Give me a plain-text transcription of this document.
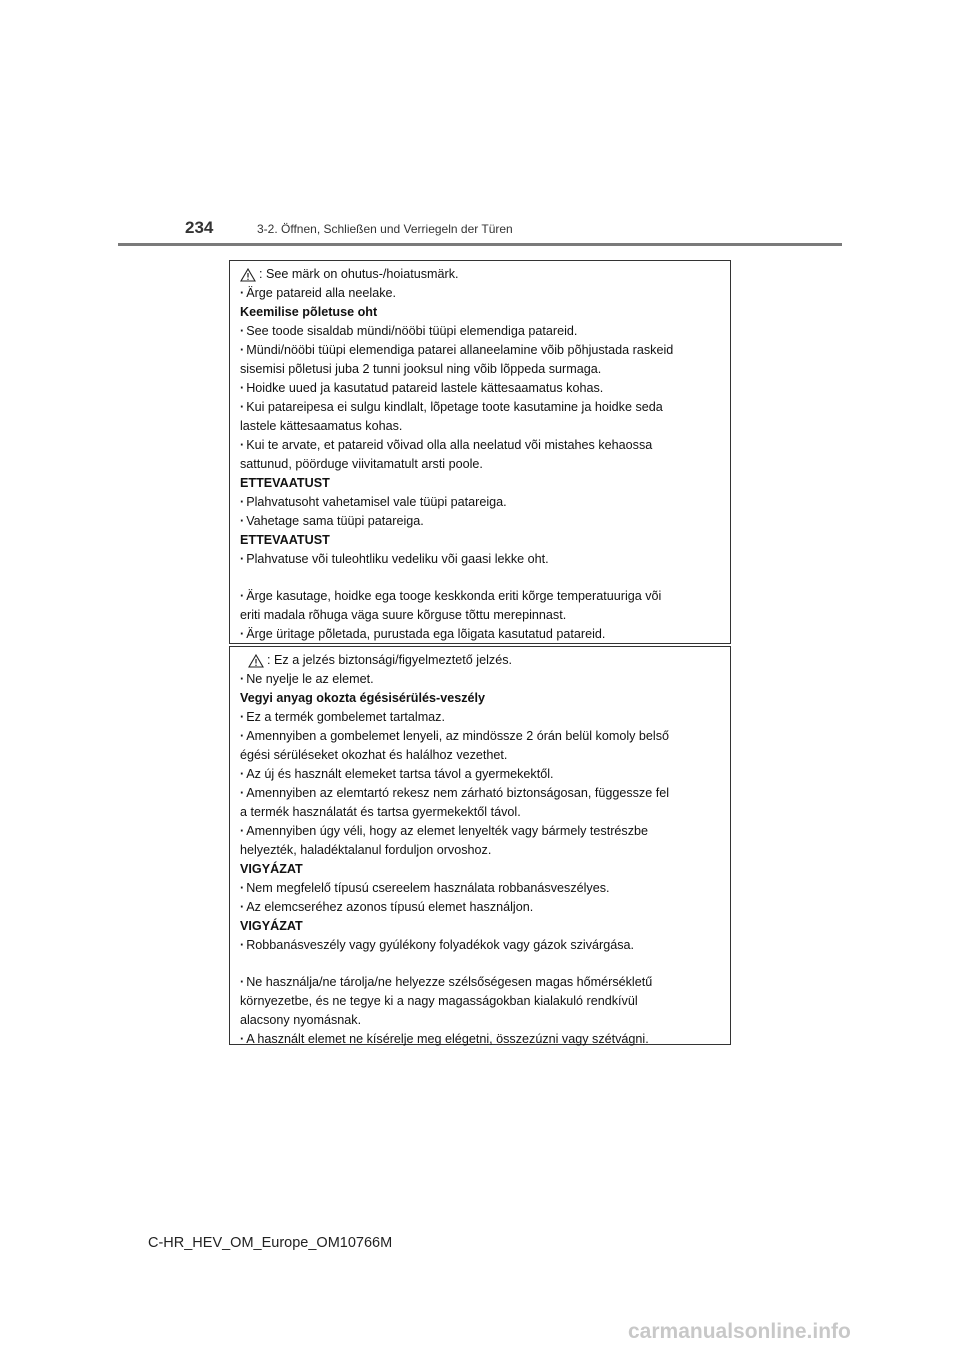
234	3-2. Öffnen, Schließen und Verriegeln der Türen

: See märk on ohutus-/hoiatusmärk.

· Ärge patareid alla neelake.

Keemilise põletuse oht

· See toode sisaldab mündi/nööbi tüüpi elemendiga patareid.

· Mündi/nööbi tüüpi elemendiga patarei allaneelamine võib põhjustada raskeid

sisemisi põletusi juba 2 tunni jooksul ning võib lõppeda surmaga.

· Hoidke uued ja kasutatud patareid lastele kättesaamatus kohas.

· Kui patareipesa ei sulgu kindlalt, lõpetage toote kasutamine ja hoidke seda

lastele kättesaamatus kohas.

· Kui te arvate, et patareid võivad olla alla neelatud või mistahes kehaossa

sattunud, pöörduge viivitamatult arsti poole.

ETTEVAATUST

· Plahvatusoht vahetamisel vale tüüpi patareiga.

· Vahetage sama tüüpi patareiga.

ETTEVAATUST

· Plahvatuse või tuleohtliku vedeliku või gaasi lekke oht.

· Ärge kasutage, hoidke ega tooge keskkonda eriti kõrge temperatuuriga või

eriti madala rõhuga väga suure kõrguse tõttu merepinnast.

· Ärge üritage põletada, purustada ega lõigata kasutatud patareid.

: Ez a jelzés biztonsági/figyelmeztető jelzés.

· Ne nyelje le az elemet.

Vegyi anyag okozta égésisérülés-veszély

· Ez a termék gombelemet tartalmaz.

· Amennyiben a gombelemet lenyeli, az mindössze 2 órán belül komoly belső

égési sérüléseket okozhat és halálhoz vezethet.

· Az új és használt elemeket tartsa távol a gyermekektől.

· Amennyiben az elemtartó rekesz nem zárható biztonságosan, függessze fel

a termék használatát és tartsa gyermekektől távol.

· Amennyiben úgy véli, hogy az elemet lenyelték vagy bármely testrészbe

helyezték, haladéktalanul forduljon orvoshoz.

VIGYÁZAT

· Nem megfelelő típusú csereelem használata robbanásveszélyes.

· Az elemcseréhez azonos típusú elemet használjon.

VIGYÁZAT

· Robbanásveszély vagy gyúlékony folyadékok vagy gázok szivárgása.

· Ne használja/ne tárolja/ne helyezze szélsőségesen magas hőmérsékletű

környezetbe, és ne tegye ki a nagy magasságokban kialakuló rendkívül

alacsony nyomásnak.

· A használt elemet ne kísérelje meg elégetni, összezúzni vagy szétvágni.

C-HR_HEV_OM_Europe_OM10766M
carmanualsonline.info
